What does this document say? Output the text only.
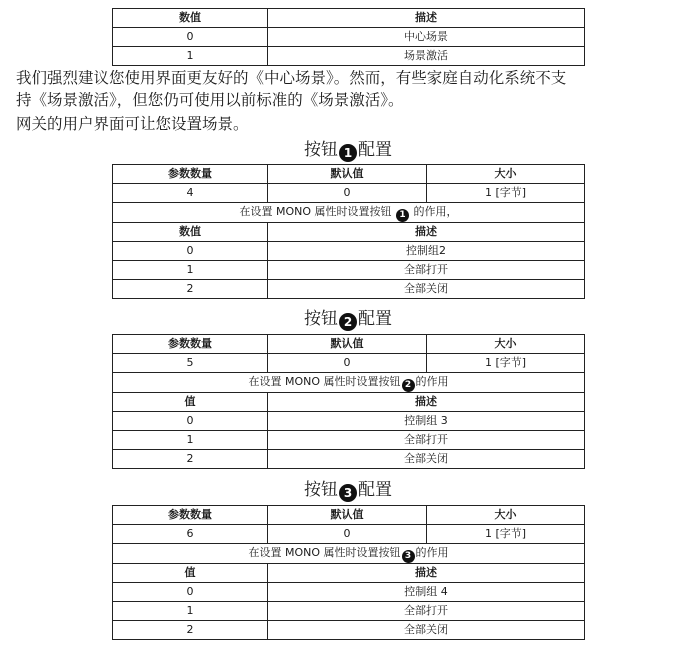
数值	描述
0	中心场景
1	场景激活
我们强烈建议您使用界面更友好的《中心场景》。然而，有些家庭自动化系统不支
持《场景激活》，但您仍可使用以前标准的《场景激活》。
网关的用户界面可让您设置场景。
按钮 1 配置
参数数量	默认值	大小
4	0	1 [字节]
在设置 MONO 属性时设置按钮 1 的作用，		
数值	描述	
0	控制组2	
1	全部打开	
2	全部关闭	
按钮 2 配置
参数数量	默认值	大小
5	0	1 [字节]
在设置 MONO 属性时设置按钮 2 的作用		
值	描述	
0	控制组 3	
1	全部打开	
2	全部关闭	
按钮 3 配置
参数数量	默认值	大小
6	0	1 [字节]
在设置 MONO 属性时设置按钮 3 的作用		
值	描述	
0	控制组 4	
1	全部打开	
2	全部关闭	
